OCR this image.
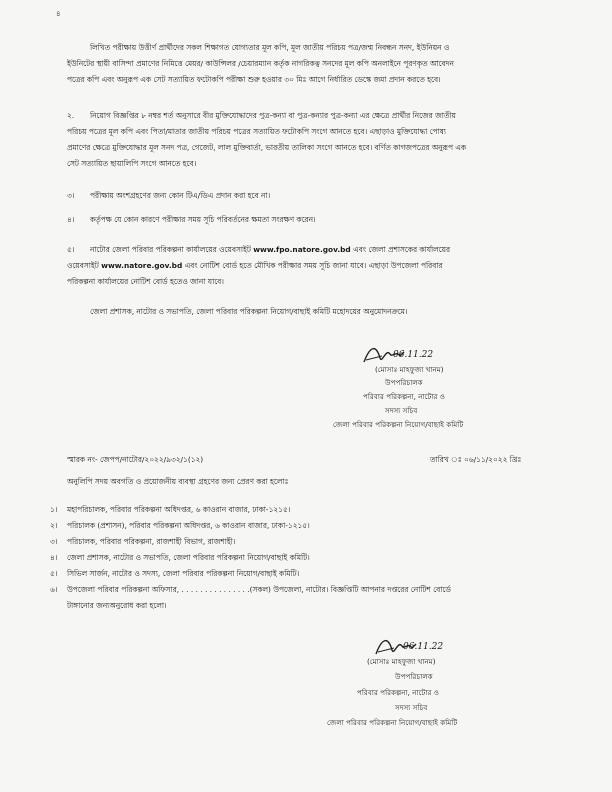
৪
লিখিত পরীক্ষায় উত্তীর্ণ প্রার্থীদের সকল শিক্ষাগত যোগ্যতার মূল কপি, মূল জাতীয় পরিচয় পত্র/জন্ম নিবন্ধন সনদ, ইউনিয়ন ও
ইউনিটের স্থায়ী বাসিন্দা প্রমাণের নিমিত্তে মেয়র/ কাউন্সিলর /চেয়ারম্যান কর্তৃক নাগরিকত্ব সনদের মূল কপি অনলাইনে পূরণকৃত আবেদন
পত্রের কপি এবং অনুরূপ এক সেট সত্যায়িত ফটোকপি পরীক্ষা শুরু হওয়ার ৩০ মিঃ আগে নির্ধারিত ডেস্কে জমা প্রদান করতে হবে।
২. নিয়োগ বিজ্ঞপ্তির ৮ নম্বর শর্ত অনুসারে বীর মুক্তিযোদ্ধাদের পুত্র-কন্যা বা পুত্র-কন্যার পুত্র-কন্যা এর ক্ষেত্রে প্রার্থীর নিজের জাতীয়
পরিচয় পত্রের মূল কপি এবং পিতা/মাতার জাতীয় পরিচয় পত্রের সত্যায়িত ফটোকপি সংগে আনতে হবে। এছাড়াও মুক্তিযোদ্ধা পোষ্য
প্রমাণের ক্ষেত্রে মুক্তিযোদ্ধার মূল সনদ পত্র, গেজেট, লাল মুক্তিবার্তা, ভারতীয় তালিকা সংগে আনতে হবে। বর্ণিত কাগজপত্রের অনুরূপ এক
সেট সত্যায়িত ছায়ালিপি সংগে আনতে হবে।
৩। পরীক্ষায় অংশগ্রহণের জন্য কোন টিএ/ডিএ প্রদান করা হবে না।
৪। কর্তৃপক্ষ যে কোন কারণে পরীক্ষার সময় সূচি পরিবর্তনের ক্ষমতা সংরক্ষণ করেন।
৫। নাটোর জেলা পরিবার পরিকল্পনা কার্যালয়ের ওয়েবসাইট www.fpo.natore.gov.bd এবং জেলা প্রশাসকের কার্যালয়ের
ওয়েবসাইট www.natore.gov.bd এবং নোটিশ বোর্ড হতে মৌখিক পরীক্ষার সময় সূচি জানা যাবে। এছাড়া উপজেলা পরিবার
পরিকল্পনা কার্যালয়ের নোটিশ বোর্ড হতেও জানা যাবে।
জেলা প্রশাসক, নাটোর ও সভাপতি, জেলা পরিবার পরিকল্পনা নিয়োগ/বাছাই কমিটি মহোদয়ের অনুমোদনক্রমে।
06.11.22
(মোসাঃ মাহফুজা খানম)
উপপরিচালক
পরিবার পরিকল্পনা, নাটোর ও
সদস্য সচিব
জেলা পরিবার পরিকল্পনা নিয়োগ/বাছাই কমিটি
স্মারক নং- জেপপ/নাটোর/২০২২/৯৩২/১(১২)	তারিখ ঃ ০৬/১১/২০২২ খ্রিঃ
অনুলিপি সদয় অবগতি ও প্রয়োজনীয় ব্যবস্থা গ্রহণের জন্য প্রেরণ করা হলোঃ
১। মহাপরিচালক, পরিবার পরিকল্পনা অধিদপ্তর, ৬ কাওরান বাজার, ঢাকা-১২১৫।
২। পরিচালক (প্রশাসন), পরিবার পরিকল্পনা অধিদপ্তর, ৬ কাওরান বাজার, ঢাকা-১২১৫।
৩। পরিচালক, পরিবার পরিকল্পনা, রাজশাহী বিভাগ, রাজশাহী।
৪। জেলা প্রশাসক, নাটোর ও সভাপতি, জেলা পরিবার পরিকল্পনা নিয়োগ/বাছাই কমিটি।
৫। সিভিল সার্জন, নাটোর ও সদস্য, জেলা পরিবার পরিকল্পনা নিয়োগ/বাছাই কমিটি।
৬। উপজেলা পরিবার পরিকল্পনা অফিসার, . . . . . . . . . . . . . . .(সকল) উপজেলা, নাটোর। বিজ্ঞপ্তিটি আপনার দপ্তরের নোটিশ বোর্ডে
টাঙ্গানোর জন্যঅনুরোধ করা হলো।
06.11.22
(মোসাঃ মাহফুজা খানম)
উপপরিচালক
পরিবার পরিকল্পনা, নাটোর ও
সদস্য সচিব
জেলা পরিবার পরিকল্পনা নিয়োগ/বাছাই কমিটি
